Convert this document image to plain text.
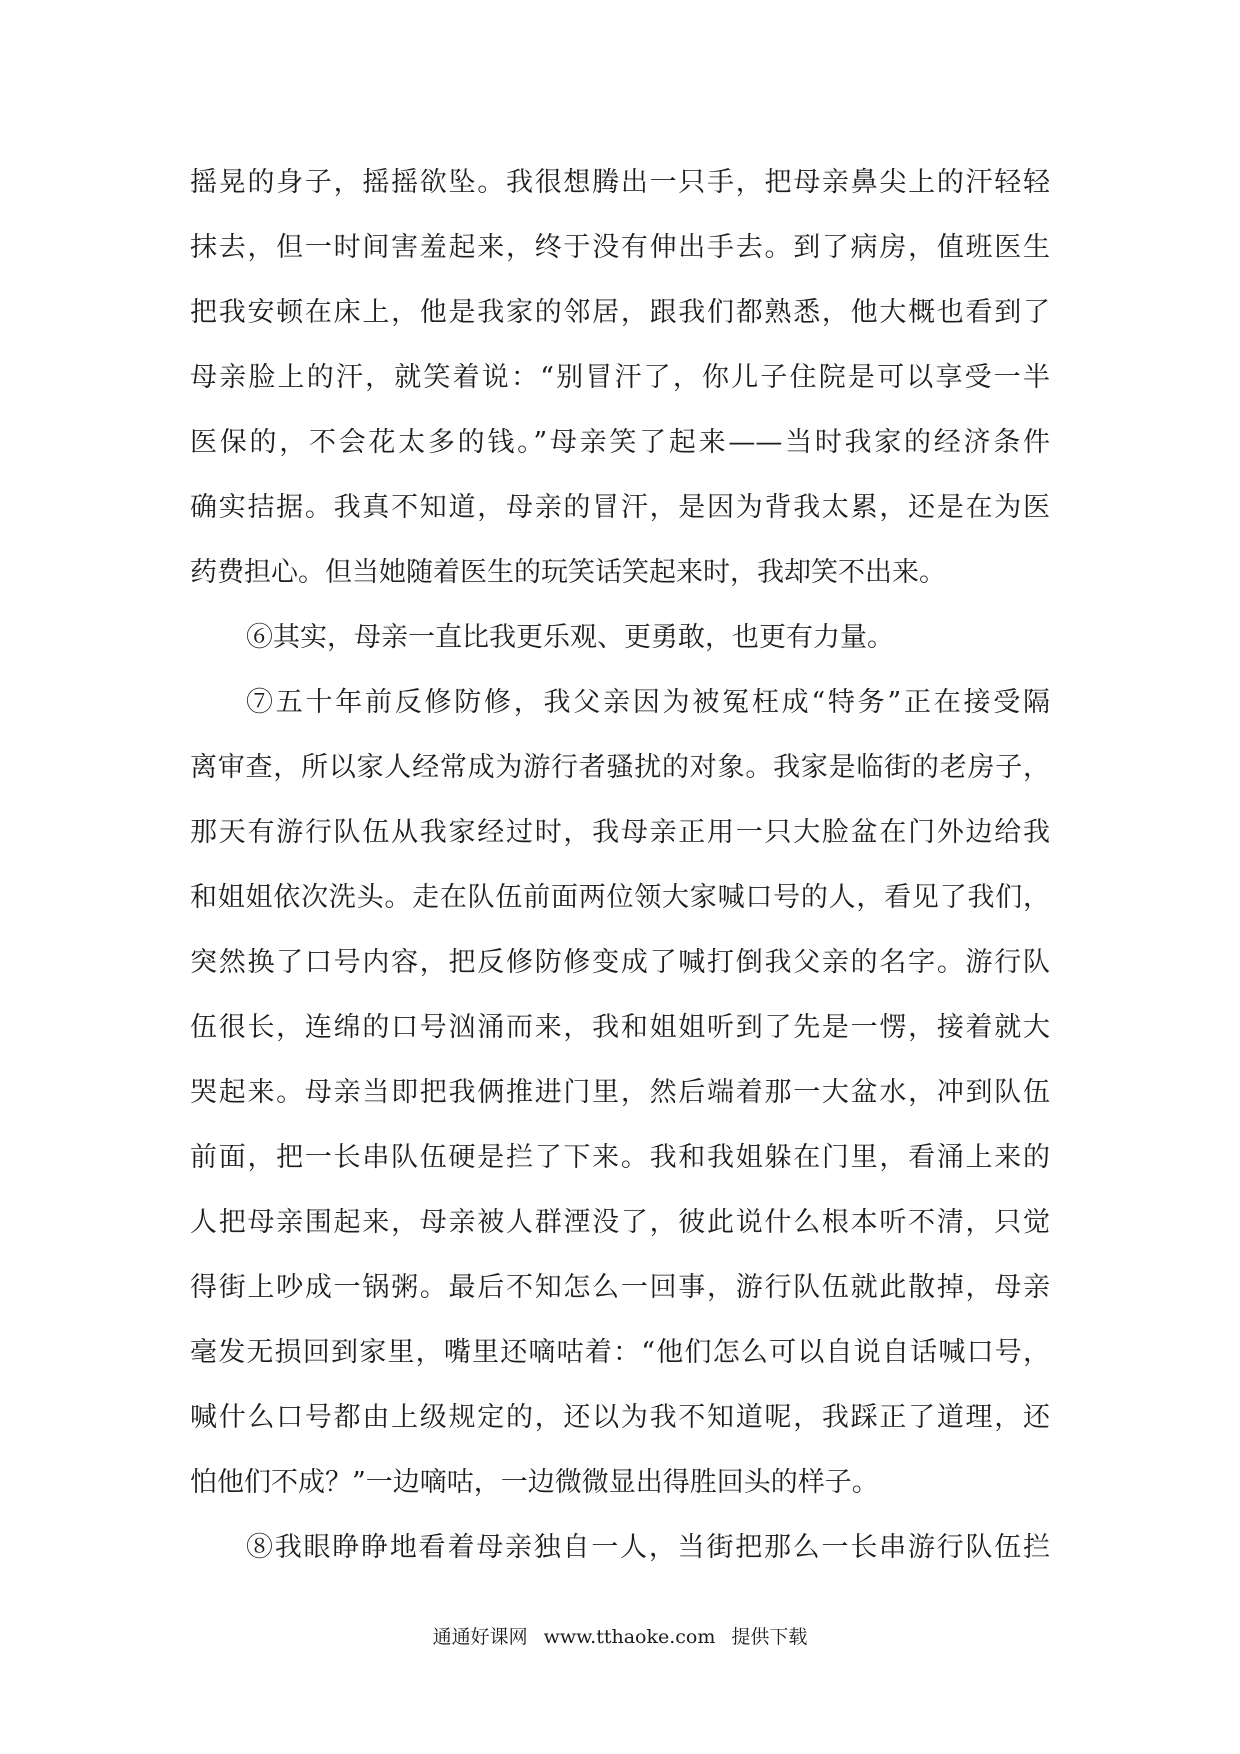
摇晃的身子，摇摇欲坠。我很想腾出一只手，把母亲鼻尖上的汗轻轻
抹去，但一时间害羞起来，终于没有伸出手去。到了病房，值班医生
把我安顿在床上，他是我家的邻居，跟我们都熟悉，他大概也看到了
母亲脸上的汗，就笑着说：“别冒汗了，你儿子住院是可以享受一半
医保的，不会花太多的钱。”母亲笑了起来——当时我家的经济条件
确实拮据。我真不知道，母亲的冒汗，是因为背我太累，还是在为医
药费担心。但当她随着医生的玩笑话笑起来时，我却笑不出来。
⑥其实，母亲一直比我更乐观、更勇敢，也更有力量。
⑦五十年前反修防修，我父亲因为被冤枉成“特务”正在接受隔
离审查，所以家人经常成为游行者骚扰的对象。我家是临街的老房子，
那天有游行队伍从我家经过时，我母亲正用一只大脸盆在门外边给我
和姐姐依次洗头。走在队伍前面两位领大家喊口号的人，看见了我们，
突然换了口号内容，把反修防修变成了喊打倒我父亲的名字。游行队
伍很长，连绵的口号汹涌而来，我和姐姐听到了先是一愣，接着就大
哭起来。母亲当即把我俩推进门里，然后端着那一大盆水，冲到队伍
前面，把一长串队伍硬是拦了下来。我和我姐躲在门里，看涌上来的
人把母亲围起来，母亲被人群湮没了，彼此说什么根本听不清，只觉
得街上吵成一锅粥。最后不知怎么一回事，游行队伍就此散掉，母亲
毫发无损回到家里，嘴里还嘀咕着：“他们怎么可以自说自话喊口号，
喊什么口号都由上级规定的，还以为我不知道呢，我踩正了道理，还
怕他们不成？”一边嘀咕，一边微微显出得胜回头的样子。
⑧我眼睁睁地看着母亲独自一人，当街把那么一长串游行队伍拦
通通好课网 www.tthaoke.com 提供下载
